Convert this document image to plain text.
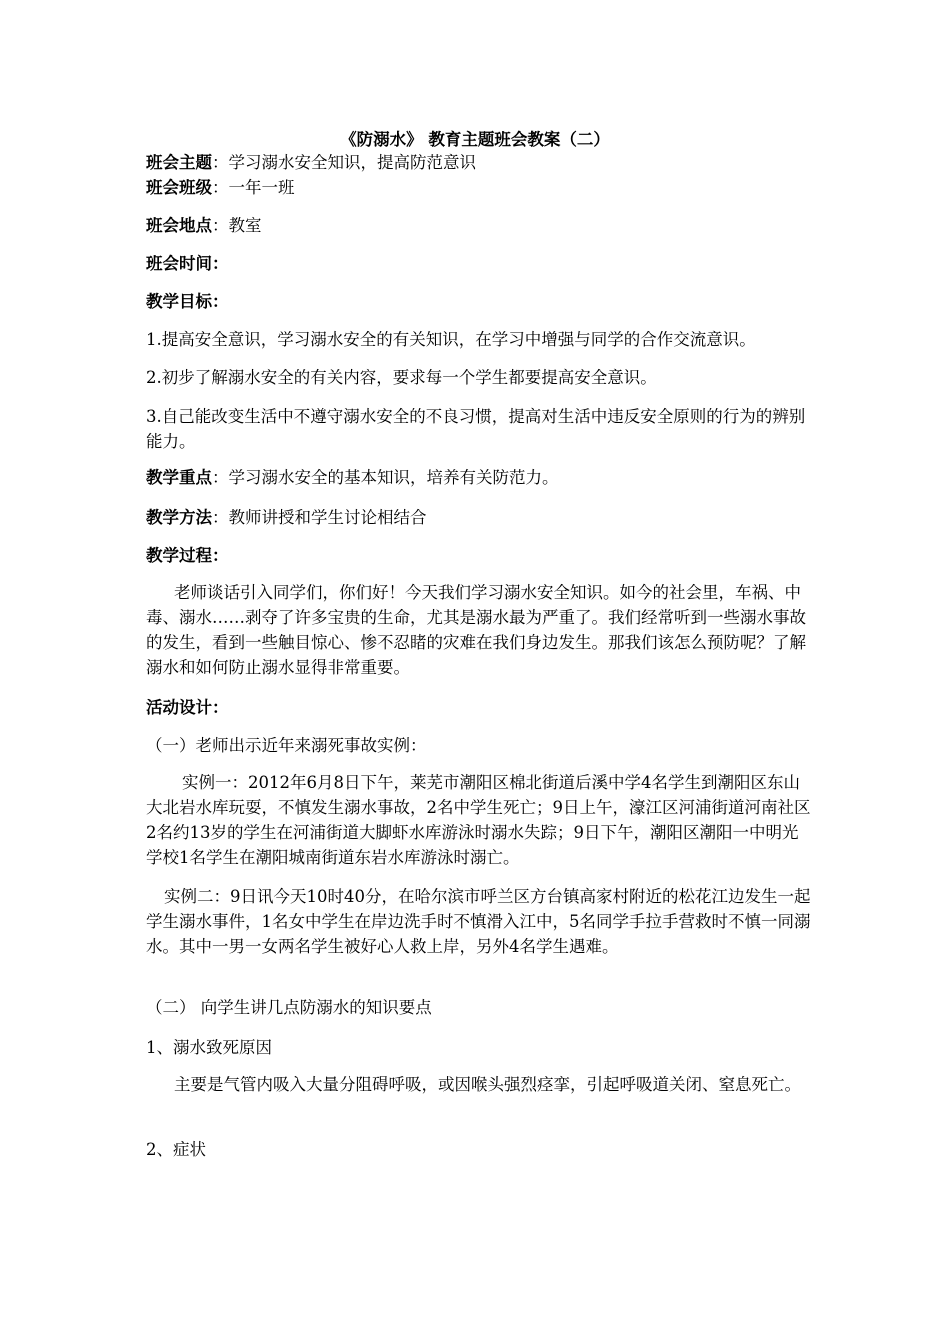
《防溺水》 教育主题班会教案（二）
班会主题：学习溺水安全知识，提高防范意识
班会班级：一年一班
班会地点：教室
班会时间：
教学目标：
1.提高安全意识，学习溺水安全的有关知识，在学习中增强与同学的合作交流意识。
2.初步了解溺水安全的有关内容，要求每一个学生都要提高安全意识。
3.自己能改变生活中不遵守溺水安全的不良习惯，提高对生活中违反安全原则的行为的辨别能力。
教学重点：学习溺水安全的基本知识，培养有关防范力。
教学方法：教师讲授和学生讨论相结合
教学过程：
老师谈话引入同学们，你们好！今天我们学习溺水安全知识。如今的社会里，车祸、中毒、溺水……剥夺了许多宝贵的生命，尤其是溺水最为严重了。我们经常听到一些溺水事故的发生，看到一些触目惊心、惨不忍睹的灾难在我们身边发生。那我们该怎么预防呢？了解溺水和如何防止溺水显得非常重要。
活动设计：
（一）老师出示近年来溺死事故实例：
实例一：2012年6月8日下午，莱芜市潮阳区棉北街道后溪中学4名学生到潮阳区东山大北岩水库玩耍，不慎发生溺水事故，2名中学生死亡；9日上午，濠江区河浦街道河南社区2名约13岁的学生在河浦街道大脚虾水库游泳时溺水失踪；9日下午，潮阳区潮阳一中明光学校1名学生在潮阳城南街道东岩水库游泳时溺亡。
实例二：9日讯今天10时40分，在哈尔滨市呼兰区方台镇高家村附近的松花江边发生一起学生溺水事件，1名女中学生在岸边洗手时不慎滑入江中，5名同学手拉手营救时不慎一同溺水。其中一男一女两名学生被好心人救上岸，另外4名学生遇难。
（二） 向学生讲几点防溺水的知识要点
1、溺水致死原因
主要是气管内吸入大量分阻碍呼吸，或因喉头强烈痉挛，引起呼吸道关闭、窒息死亡。
2、症状
